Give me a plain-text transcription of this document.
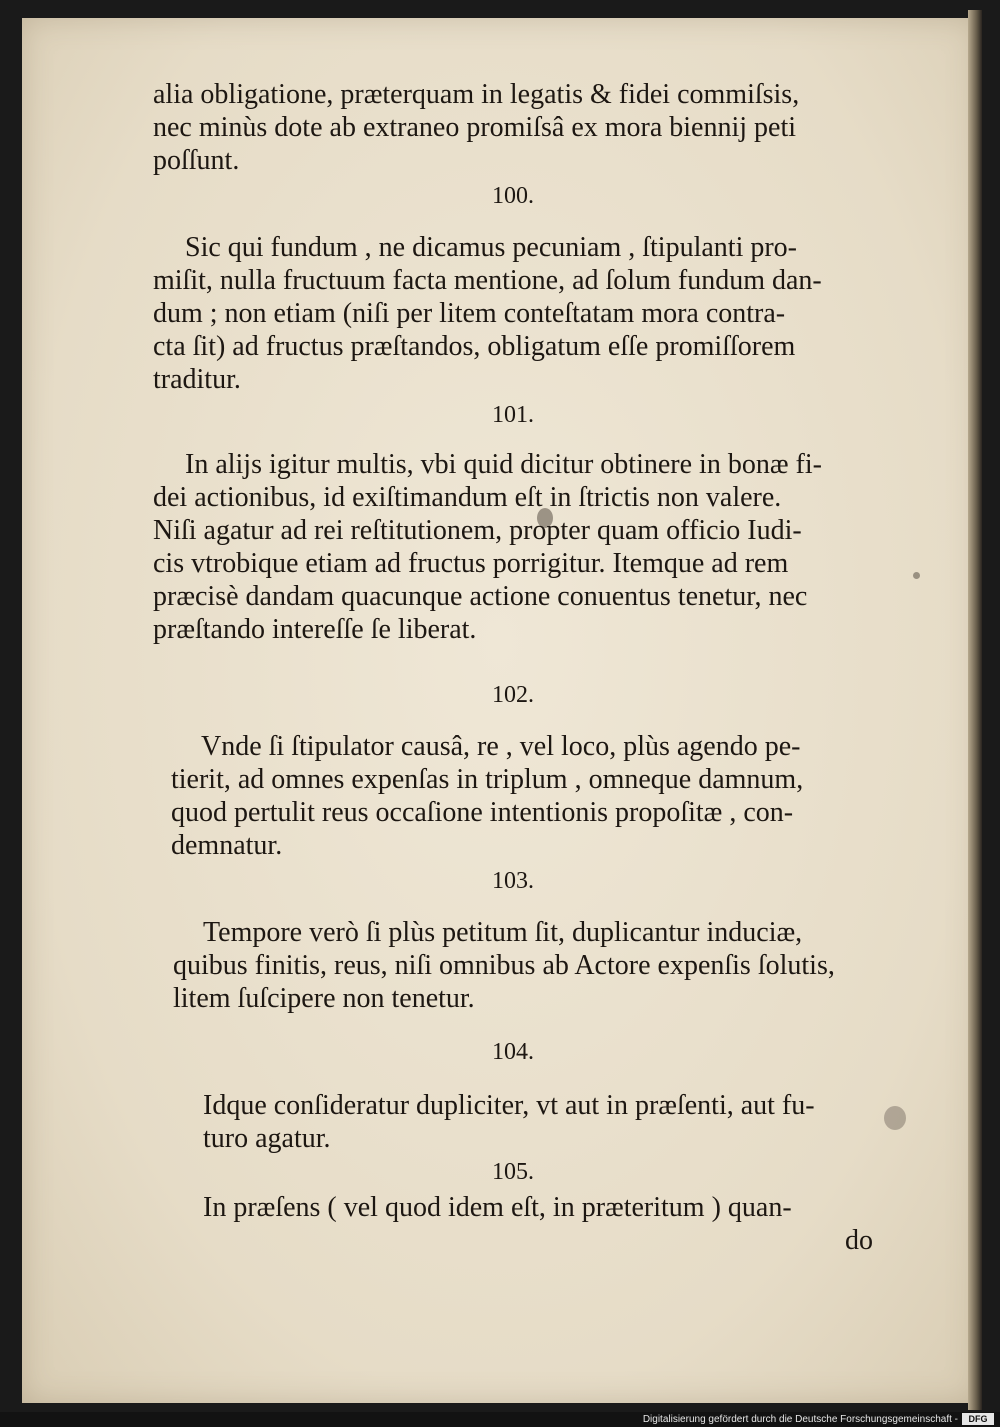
alia obligatione, præterquam in legatis & fidei commiſsis,
nec minùs dote ab extraneo promiſsâ ex mora biennij peti
poſſunt.
100.
Sic qui fundum , ne dicamus pecuniam , ſtipulanti pro-
miſit, nulla fructuum facta mentione, ad ſolum fundum dan-
dum ; non etiam (niſi per litem conteſtatam mora contra-
cta ſit) ad fructus præſtandos, obligatum eſſe promiſſorem
traditur.
101.
In alijs igitur multis, vbi quid dicitur obtinere in bonæ fi-
dei actionibus, id exiſtimandum eſt in ſtrictis non valere.
Niſi agatur ad rei reſtitutionem, propter quam officio Iudi-
cis vtrobique etiam ad fructus porrigitur. Itemque ad rem
præcisè dandam quacunque actione conuentus tenetur, nec
præſtando intereſſe ſe liberat.
102.
Vnde ſi ſtipulator causâ, re , vel loco, plùs agendo pe-
tierit, ad omnes expenſas in triplum , omneque damnum,
quod pertulit reus occaſione intentionis propoſitæ , con-
demnatur.
103.
Tempore verò ſi plùs petitum ſit, duplicantur induciæ,
quibus finitis, reus, niſi omnibus ab Actore expenſis ſolutis,
litem ſuſcipere non tenetur.
104.
Idque conſideratur dupliciter, vt aut in præſenti, aut fu-
turo agatur.
105.
In præſens ( vel quod idem eſt, in præteritum ) quan-
do
Digitalisierung gefördert durch die Deutsche Forschungsgemeinschaft -	DFG
